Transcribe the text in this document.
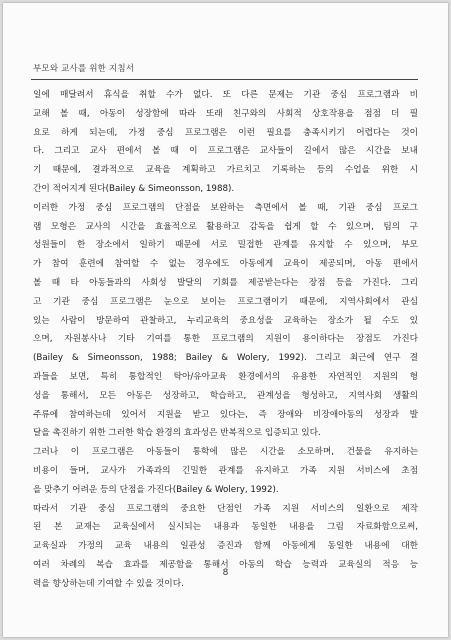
부모와 교사를 위한 지침서
일에 매달려서 휴식을 취할 수가 없다. 또 다른 문제는 기관 중심 프로그램과 비
교해 볼 때, 아동이 성장함에 따라 또래 친구와의 사회적 상호작용을 점점 더 필
요로 하게 되는데, 가정 중심 프로그램은 이런 필요를 충족시키기 어렵다는 것이
다. 그리고 교사 편에서 볼 때 이 프로그램은 교사들이 길에서 많은 시간을 보내
기 때문에, 결과적으로 교육을 계획하고 가르치고 기록하는 등의 수업을 위한 시
간이 적어지게 된다(Bailey & Simeonsson, 1988).
이러한 가정 중심 프로그램의 단점을 보완하는 측면에서 볼 때, 기관 중심 프로그
램 모형은 교사의 시간을 효율적으로 활용하고 감독을 쉽게 할 수 있으며, 팀의 구
성원들이 한 장소에서 일하기 때문에 서로 밀접한 관계를 유지할 수 있으며, 부모
가 참여 훈련에 참여할 수 없는 경우에도 아동에게 교육이 제공되며, 아동 편에서
볼 때 타 아동들과의 사회성 발달의 기회를 제공받는다는 장점 등을 가진다. 그리
고 기관 중심 프로그램은 눈으로 보이는 프로그램이기 때문에, 지역사회에서 관심
있는 사람이 방문하여 관찰하고, 누리교육의 중요성을 교육하는 장소가 될 수도 있
으며, 자원봉사나 기타 기여를 통한 프로그램의 지원이 용이하다는 장점도 가진다
(Bailey & Simeonsson, 1988; Bailey & Wolery, 1992). 그리고 최근에 연구 결
과들을 보면, 특히 통합적인 탁아/유아교육 환경에서의 유용한 자연적인 지원의 형
성을 통해서, 모든 아동은 성장하고, 학습하고, 관계성을 형성하고, 지역사회 생활의
주류에 참여하는데 있어서 지원을 받고 있다는, 즉 장애와 비장애아동의 성장과 발
달을 촉진하기 위한 그러한 학습 환경의 효과성은 반복적으로 입증되고 있다.
그러나 이 프로그램은 아동들이 통학에 많은 시간을 소모하며, 건물을 유지하는
비용이 들며, 교사가 가족과의 긴밀한 관계를 유지하고 가족 지원 서비스에 초점
을 맞추기 어려운 등의 단점을 가진다(Bailey & Wolery, 1992).
따라서 기관 중심 프로그램의 중요한 단점인 가족 지원 서비스의 일환으로 제작
된 본 교재는 교육실에서 실시되는 내용과 동일한 내용을 그림 자료화함으로써,
교육실과 가정의 교육 내용의 일관성 증진과 함께 아동에게 동일한 내용에 대한
여러 차례의 복습 효과를 제공함을 통해서 아동의 학습 능력과 교육실의 적응 능
력을 향상하는데 기여할 수 있을 것이다.
8
